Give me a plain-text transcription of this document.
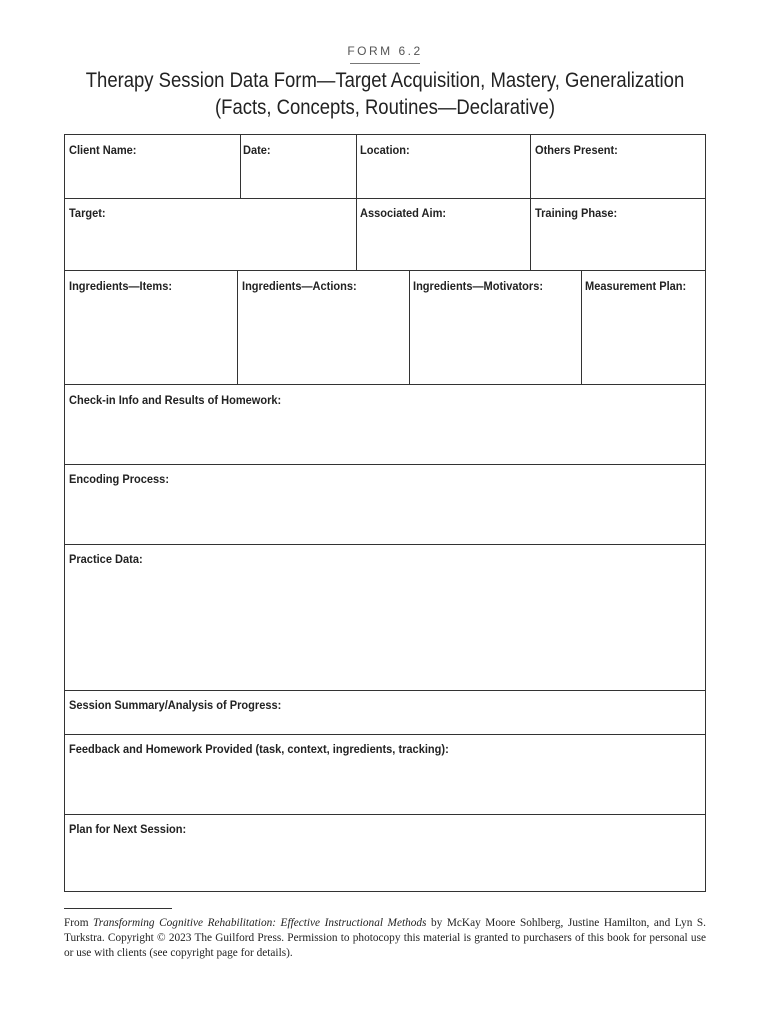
FORM 6.2
Therapy Session Data Form—Target Acquisition, Mastery, Generalization
(Facts, Concepts, Routines—Declarative)
Client Name:	Date:	Location:	Others Present:
Target:	Associated Aim:	Training Phase:
Ingredients—Items:	Ingredients—Actions:	Ingredients—Motivators:	Measurement Plan:
Check-in Info and Results of Homework:
Encoding Process:
Practice Data:
Session Summary/Analysis of Progress:
Feedback and Homework Provided (task, context, ingredients, tracking):
Plan for Next Session:
From Transforming Cognitive Rehabilitation: Effective Instructional Methods by McKay Moore Sohlberg, Justine Hamilton, and Lyn S. Turkstra. Copyright © 2023 The Guilford Press. Permission to photocopy this material is granted to purchasers of this book for personal use or use with clients (see copyright page for details).
